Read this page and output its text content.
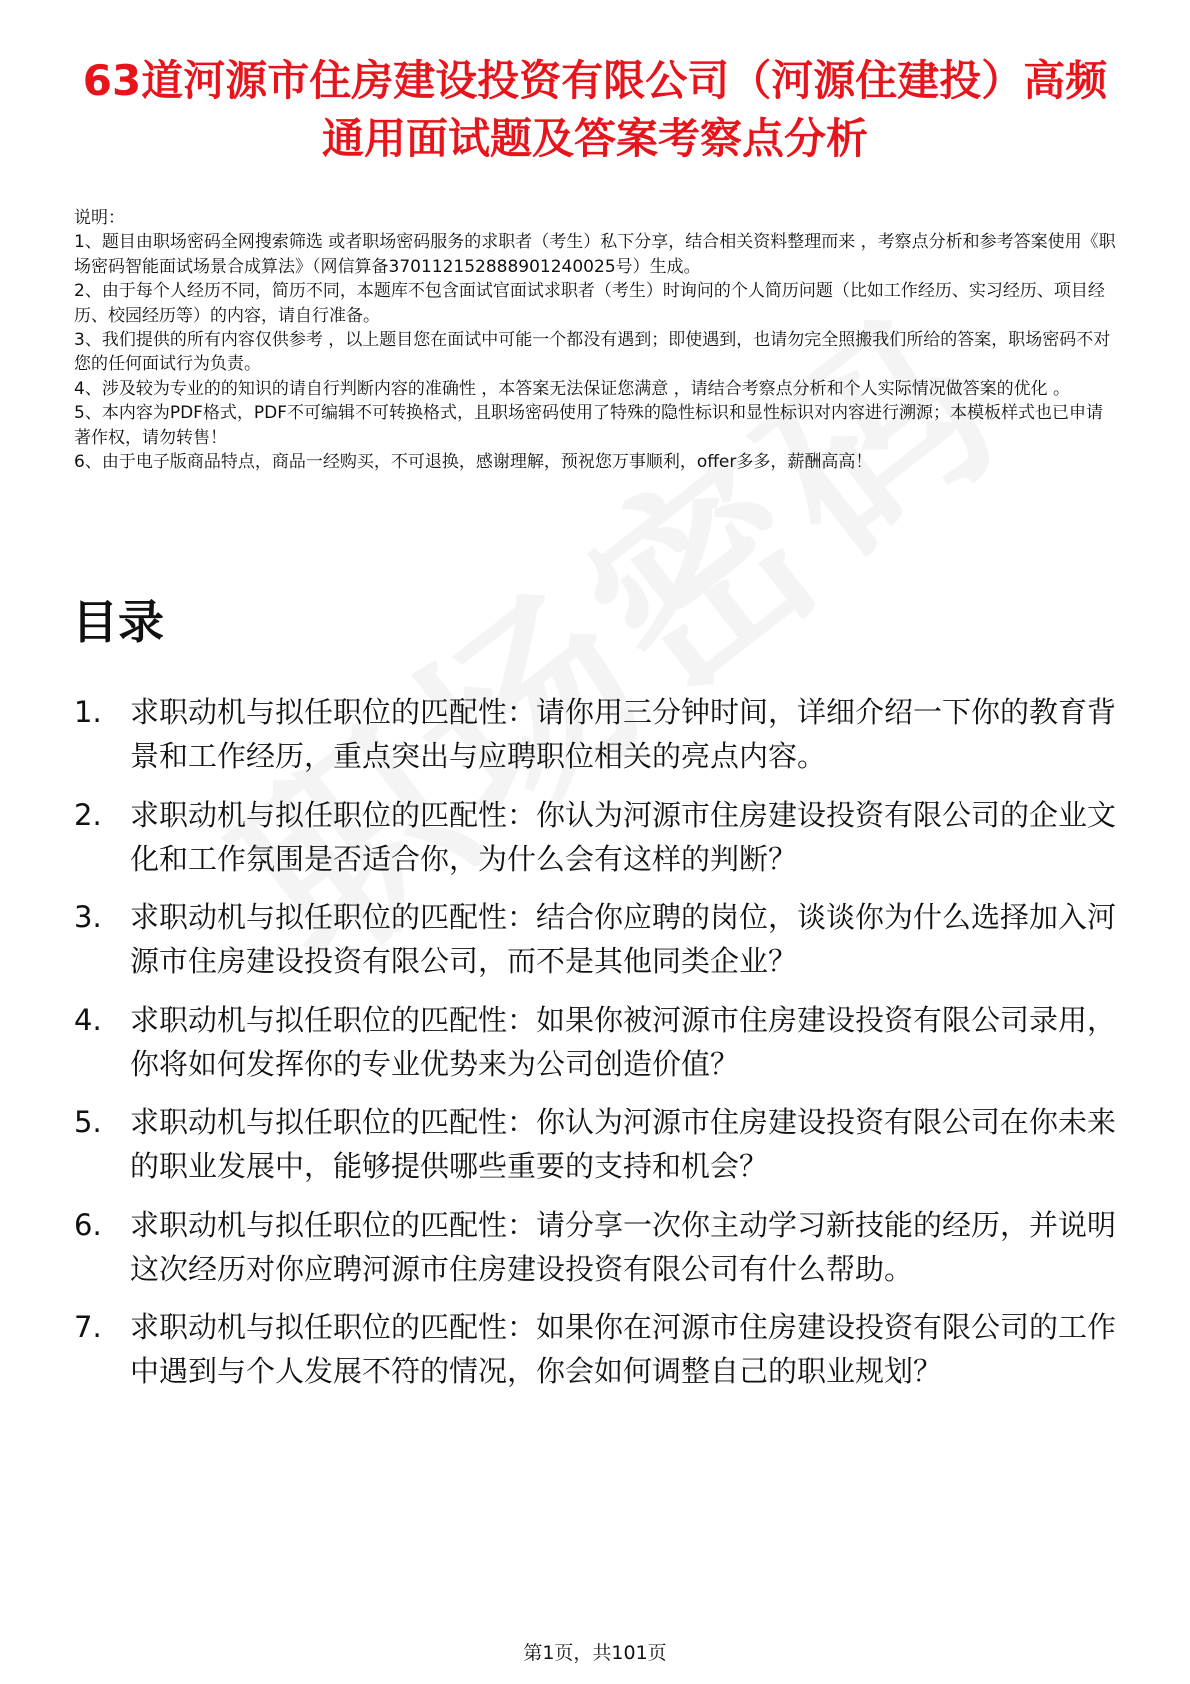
63道河源市住房建设投资有限公司（河源住建投）高频通用面试题及答案考察点分析

说明：

1、题目由职场密码全网搜索筛选 或者职场密码服务的求职者（考生）私下分享，结合相关资料整理而来 ，考察点分析和参考答案使用《职场密码智能面试场景合成算法》（网信算备370112152888901240025号）生成。

2、由于每个人经历不同，简历不同，本题库不包含面试官面试求职者（考生）时询问的个人简历问题（比如工作经历、实习经历、项目经历、校园经历等）的内容，请自行准备。

3、我们提供的所有内容仅供参考 ，以上题目您在面试中可能一个都没有遇到；即使遇到，也请勿完全照搬我们所给的答案，职场密码不对您的任何面试行为负责。

4、涉及较为专业的的知识的请自行判断内容的准确性 ，本答案无法保证您满意 ，请结合考察点分析和个人实际情况做答案的优化 。

5、本内容为PDF格式，PDF不可编辑不可转换格式，且职场密码使用了特殊的隐性标识和显性标识对内容进行溯源；本模板样式也已申请著作权，请勿转售！

6、由于电子版商品特点，商品一经购买，不可退换，感谢理解，预祝您万事顺利，offer多多，薪酬高高！

目录
1. 求职动机与拟任职位的匹配性：请你用三分钟时间，详细介绍一下你的教育背景和工作经历，重点突出与应聘职位相关的亮点内容。
2. 求职动机与拟任职位的匹配性：你认为河源市住房建设投资有限公司的企业文化和工作氛围是否适合你，为什么会有这样的判断？
3. 求职动机与拟任职位的匹配性：结合你应聘的岗位，谈谈你为什么选择加入河源市住房建设投资有限公司，而不是其他同类企业？
4. 求职动机与拟任职位的匹配性：如果你被河源市住房建设投资有限公司录用，你将如何发挥你的专业优势来为公司创造价值？
5. 求职动机与拟任职位的匹配性：你认为河源市住房建设投资有限公司在你未来的职业发展中，能够提供哪些重要的支持和机会？
6. 求职动机与拟任职位的匹配性：请分享一次你主动学习新技能的经历，并说明这次经历对你应聘河源市住房建设投资有限公司有什么帮助。
7. 求职动机与拟任职位的匹配性：如果你在河源市住房建设投资有限公司的工作中遇到与个人发展不符的情况，你会如何调整自己的职业规划？
第1页，共101页
